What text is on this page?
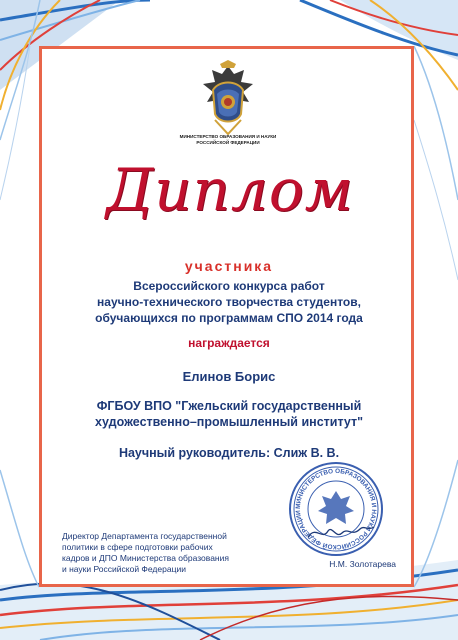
МИНИСТЕРСТВО ОБРАЗОВАНИЯ И НАУКИ РОССИЙСКОЙ ФЕДЕРАЦИИ
Диплом
участника
Всероссийского конкурса работ
научно-технического творчества студентов,
обучающихся по программам СПО 2014 года
награждается
Елинов Борис
ФГБОУ ВПО "Гжельский государственный
художественно–промышленный институт"
Научный руководитель: Слиж В. В.
МИНИСТЕРСТВО ОБРАЗОВАНИЯ И НАУКИ РОССИЙСКОЙ ФЕДЕРАЦИИ
Директор Департамента государственной
политики в сфере подготовки рабочих
кадров и ДПО Министерства образования
и науки Российской Федерации	Н.М. Золотарева
